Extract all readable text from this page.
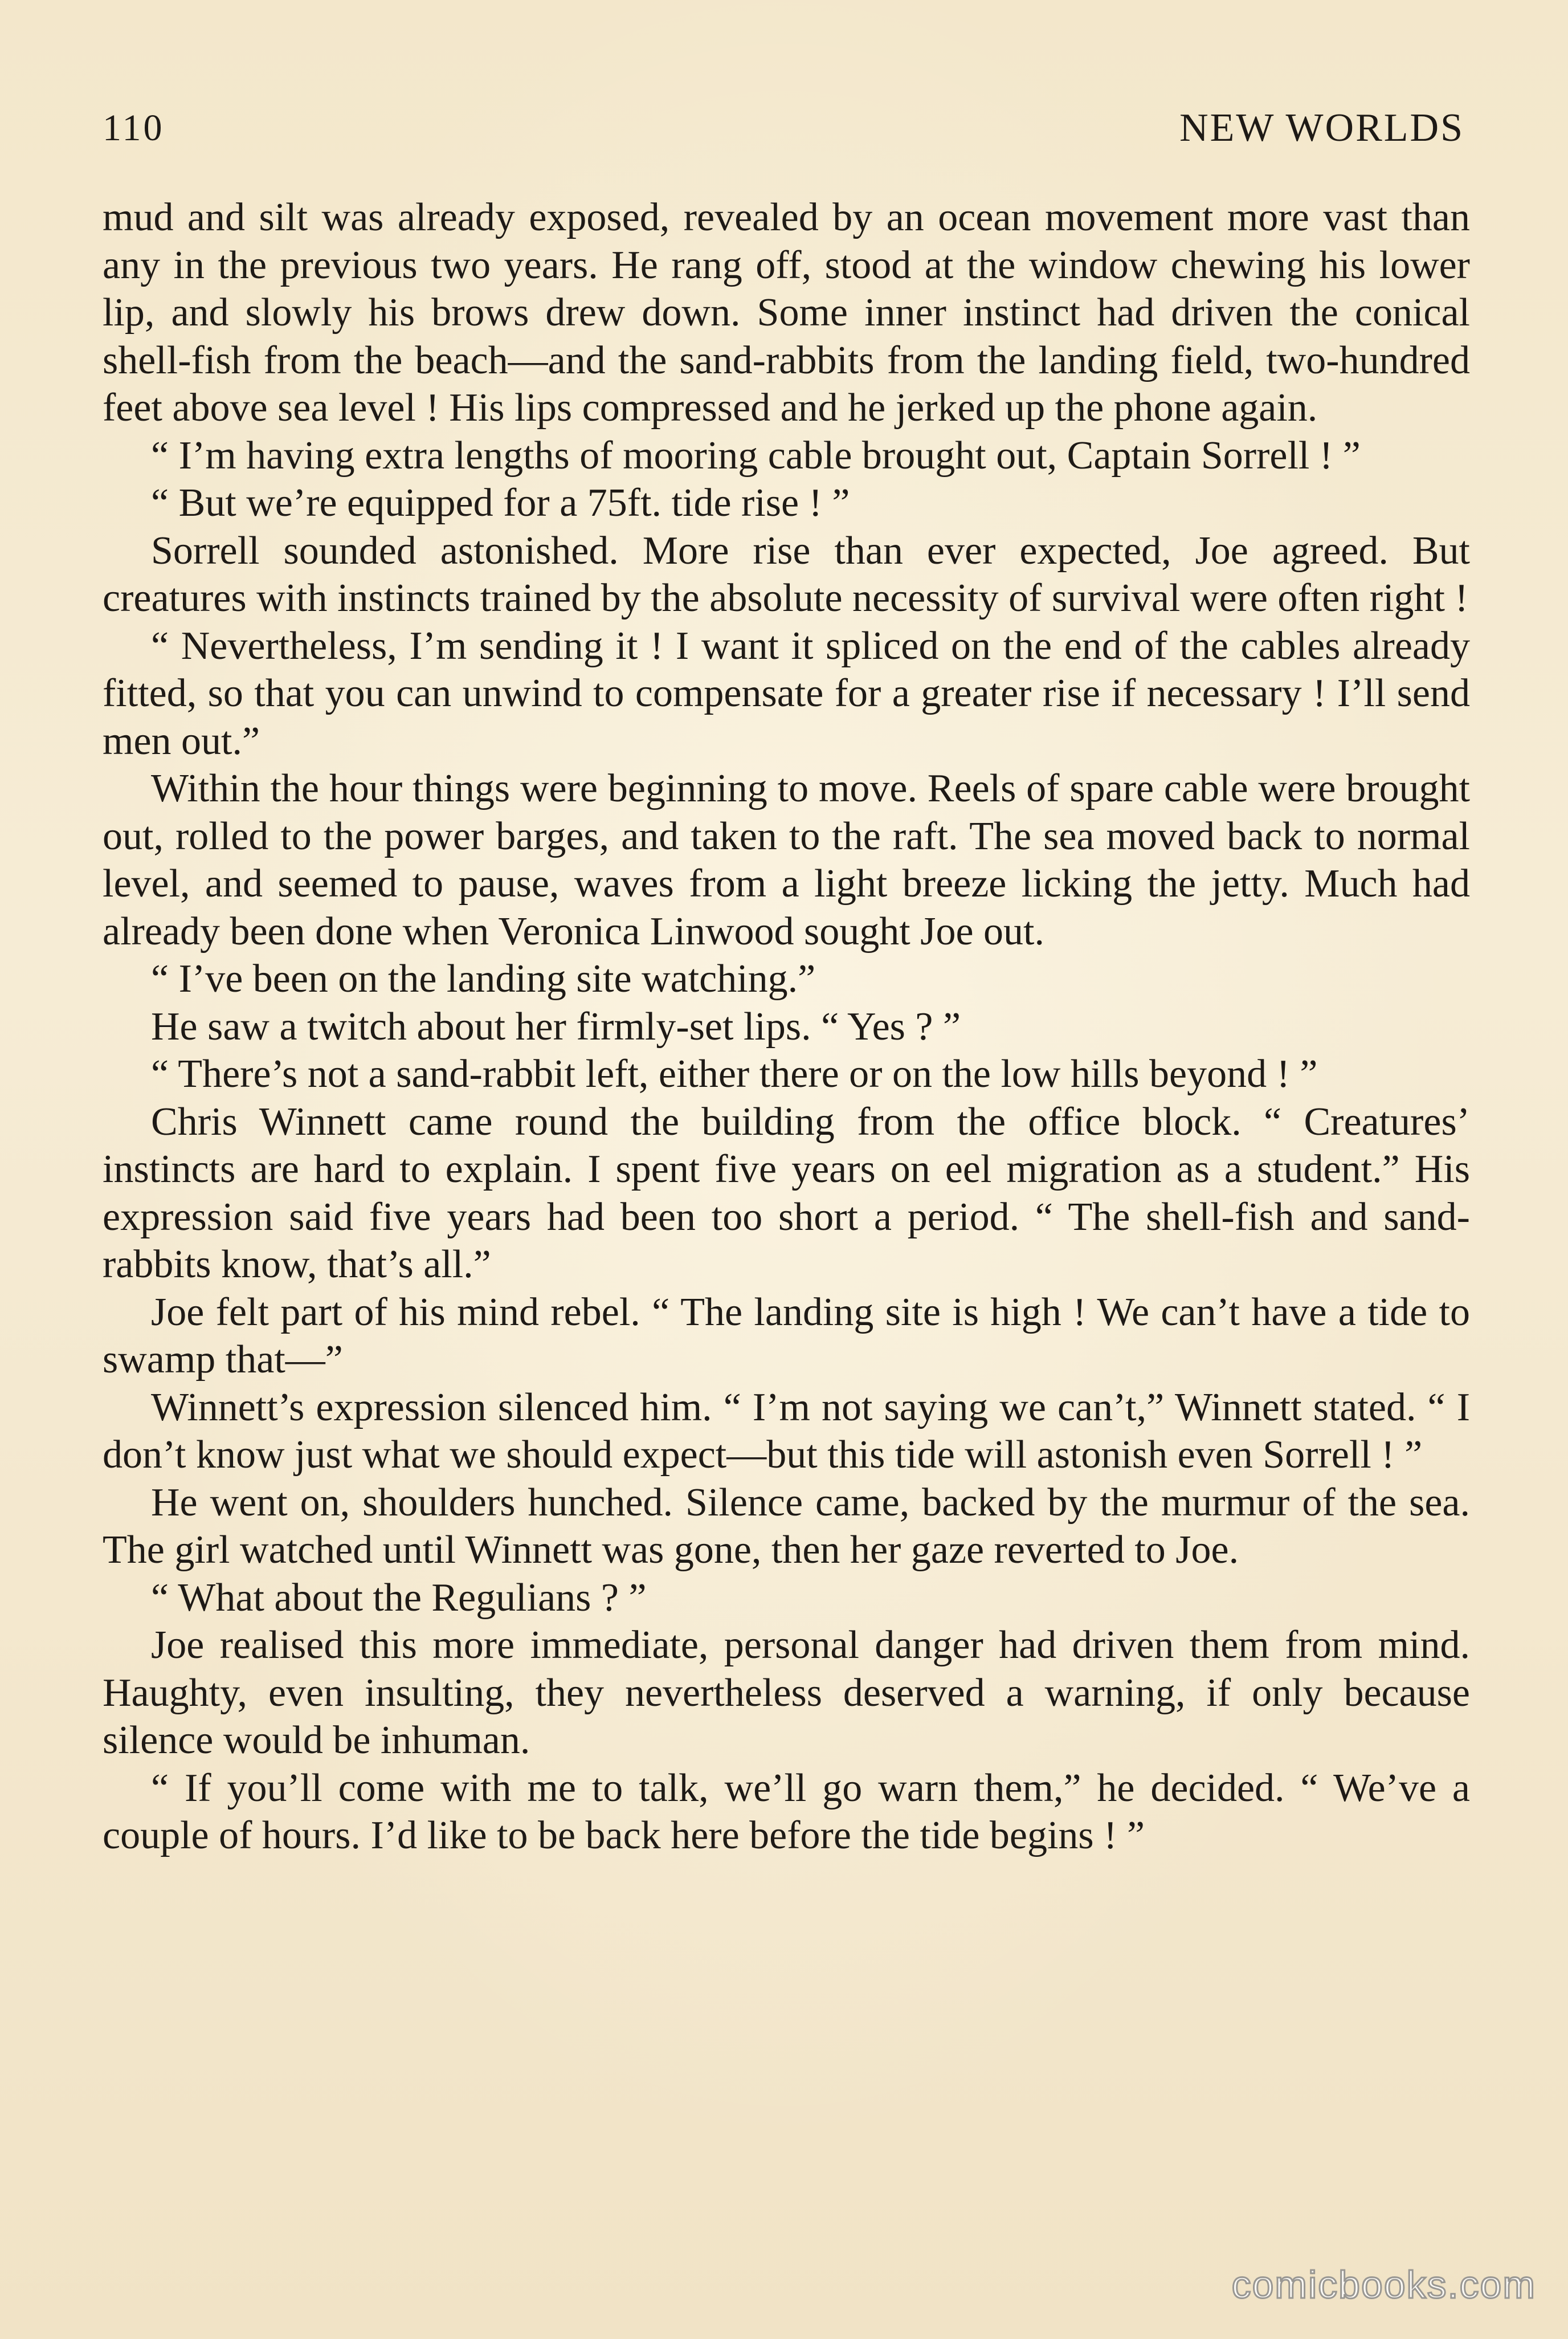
110	NEW WORLDS

mud and silt was already exposed, revealed by an ocean movement more vast than any in the previous two years. He rang off, stood at the window chewing his lower lip, and slowly his brows drew down. Some inner instinct had driven the conical shell-fish from the beach—and the sand-rabbits from the landing field, two-hundred feet above sea level ! His lips compressed and he jerked up the phone again.

“ I’m having extra lengths of mooring cable brought out, Captain Sorrell ! ”

“ But we’re equipped for a 75ft. tide rise ! ”

Sorrell sounded astonished. More rise than ever expected, Joe agreed. But creatures with instincts trained by the absolute necessity of survival were often right !

“ Nevertheless, I’m sending it ! I want it spliced on the end of the cables already fitted, so that you can unwind to compensate for a greater rise if necessary ! I’ll send men out.”

Within the hour things were beginning to move. Reels of spare cable were brought out, rolled to the power barges, and taken to the raft. The sea moved back to normal level, and seemed to pause, waves from a light breeze licking the jetty. Much had already been done when Veronica Linwood sought Joe out.

“ I’ve been on the landing site watching.”

He saw a twitch about her firmly-set lips. “ Yes ? ”

“ There’s not a sand-rabbit left, either there or on the low hills beyond ! ”

Chris Winnett came round the building from the office block. “ Creatures’ instincts are hard to explain. I spent five years on eel migration as a student.” His expression said five years had been too short a period. “ The shell-fish and sand-rabbits know, that’s all.”

Joe felt part of his mind rebel. “ The landing site is high ! We can’t have a tide to swamp that—”

Winnett’s expression silenced him. “ I’m not saying we can’t,” Winnett stated. “ I don’t know just what we should expect—but this tide will astonish even Sorrell ! ”

He went on, shoulders hunched. Silence came, backed by the murmur of the sea. The girl watched until Winnett was gone, then her gaze reverted to Joe.

“ What about the Regulians ? ”

Joe realised this more immediate, personal danger had driven them from mind. Haughty, even insulting, they nevertheless deserved a warning, if only because silence would be inhuman.

“ If you’ll come with me to talk, we’ll go warn them,” he decided. “ We’ve a couple of hours. I’d like to be back here before the tide begins ! ”

comicbooks.com
